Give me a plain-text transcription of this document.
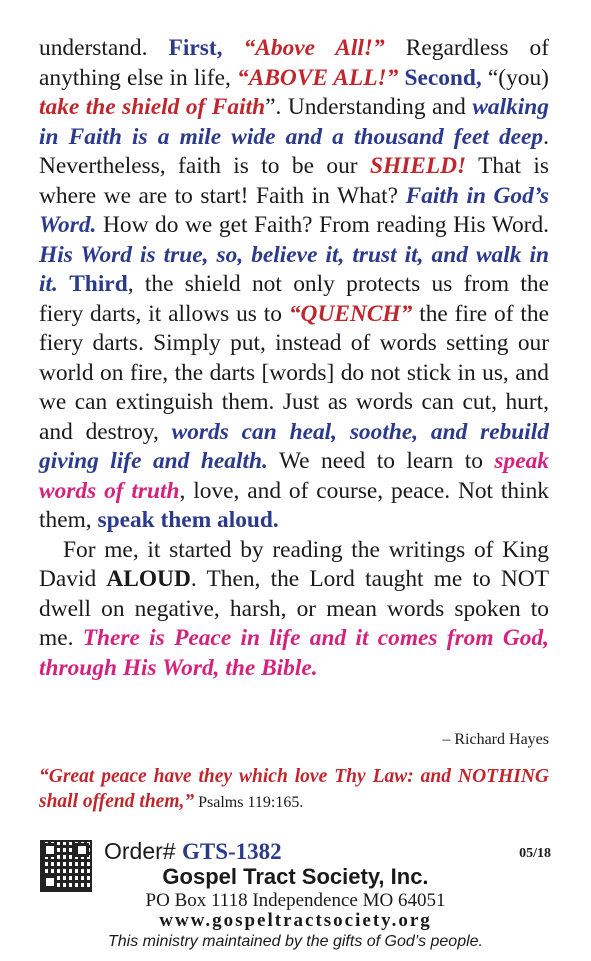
understand. First, “Above All!” Regardless of anything else in life, “ABOVE ALL!” Second, “(you) take the shield of Faith”. Understanding and walking in Faith is a mile wide and a thousand feet deep. Nevertheless, faith is to be our SHIELD! That is where we are to start! Faith in What? Faith in God’s Word. How do we get Faith? From reading His Word. His Word is true, so, believe it, trust it, and walk in it. Third, the shield not only protects us from the fiery darts, it allows us to “QUENCH” the fire of the fiery darts. Simply put, instead of words setting our world on fire, the darts [words] do not stick in us, and we can extinguish them. Just as words can cut, hurt, and destroy, words can heal, soothe, and rebuild giving life and health. We need to learn to speak words of truth, love, and of course, peace. Not think them, speak them aloud.

For me, it started by reading the writings of King David ALOUD. Then, the Lord taught me to NOT dwell on negative, harsh, or mean words spoken to me. There is Peace in life and it comes from God, through His Word, the Bible.

– Richard Hayes
“Great peace have they which love Thy Law: and NOTHING shall offend them,” Psalms 119:165.
Order# GTS-1382	05/18
Gospel Tract Society, Inc.
PO Box 1118 Independence MO 64051
www.gospeltractsociety.org
This ministry maintained by the gifts of God’s people.
